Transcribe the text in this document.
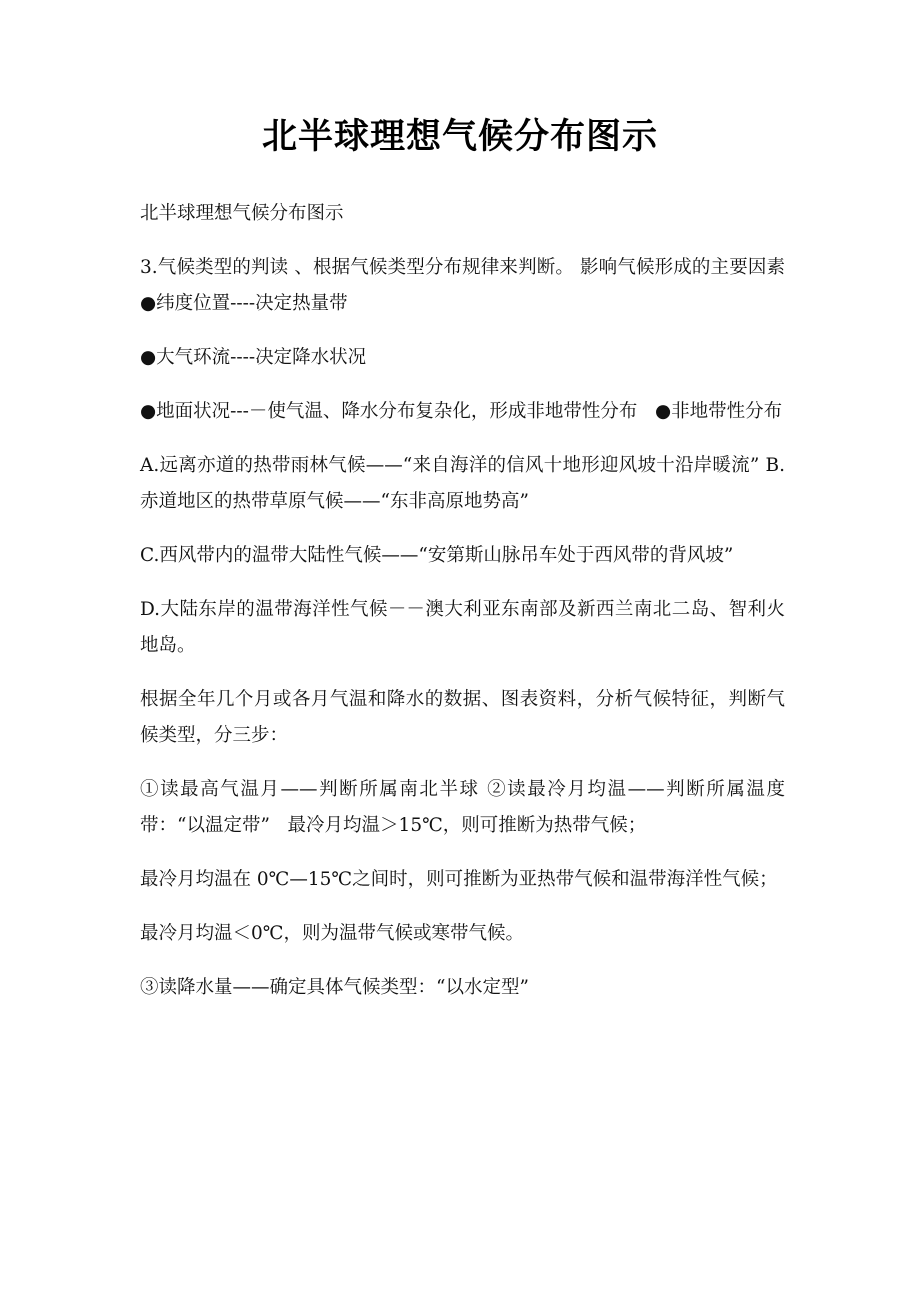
北半球理想气候分布图示

北半球理想气候分布图示

3.气候类型的判读 、根据气候类型分布规律来判断。 影响气候形成的主要因素 ●纬度位置----决定热量带

●大气环流----决定降水状况

●地面状况---－使气温、降水分布复杂化，形成非地带性分布   ●非地带性分布

A.远离亦道的热带雨林气候——“来自海洋的信风十地形迎风坡十沿岸暖流” B.赤道地区的热带草原气候——“东非高原地势高”

C.西风带内的温带大陆性气候——“安第斯山脉吊车处于西风带的背风坡”

D.大陆东岸的温带海洋性气候－－澳大利亚东南部及新西兰南北二岛、智利火地岛。

根据全年几个月或各月气温和降水的数据、图表资料，分析气候特征，判断气候类型，分三步：

①读最高气温月——判断所属南北半球 ②读最冷月均温——判断所属温度带：“以温定带”   最冷月均温＞15℃，则可推断为热带气候；

最冷月均温在 0℃—15℃之间时，则可推断为亚热带气候和温带海洋性气候；

最冷月均温＜0℃，则为温带气候或寒带气候。

③读降水量——确定具体气候类型：“以水定型”
